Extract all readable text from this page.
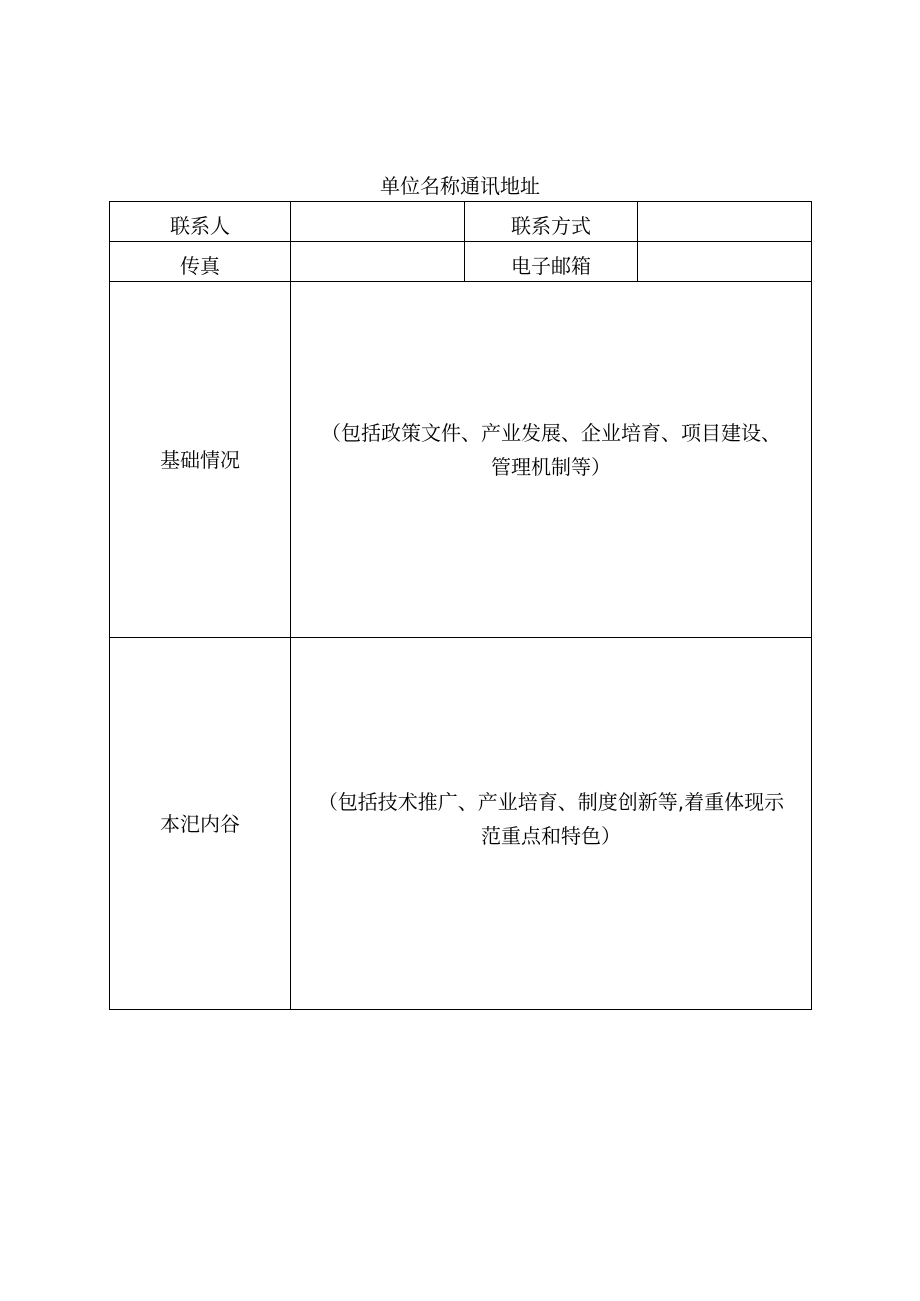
单位名称通讯地址
联系人		联系方式	
传真		电子邮箱	
基础情况	（包括政策文件、产业发展、企业培育、项目建设、
管理机制等）		

本汜内谷	（包括技术推广、产业培育、制度创新等,着重体现示
范重点和特色）		
